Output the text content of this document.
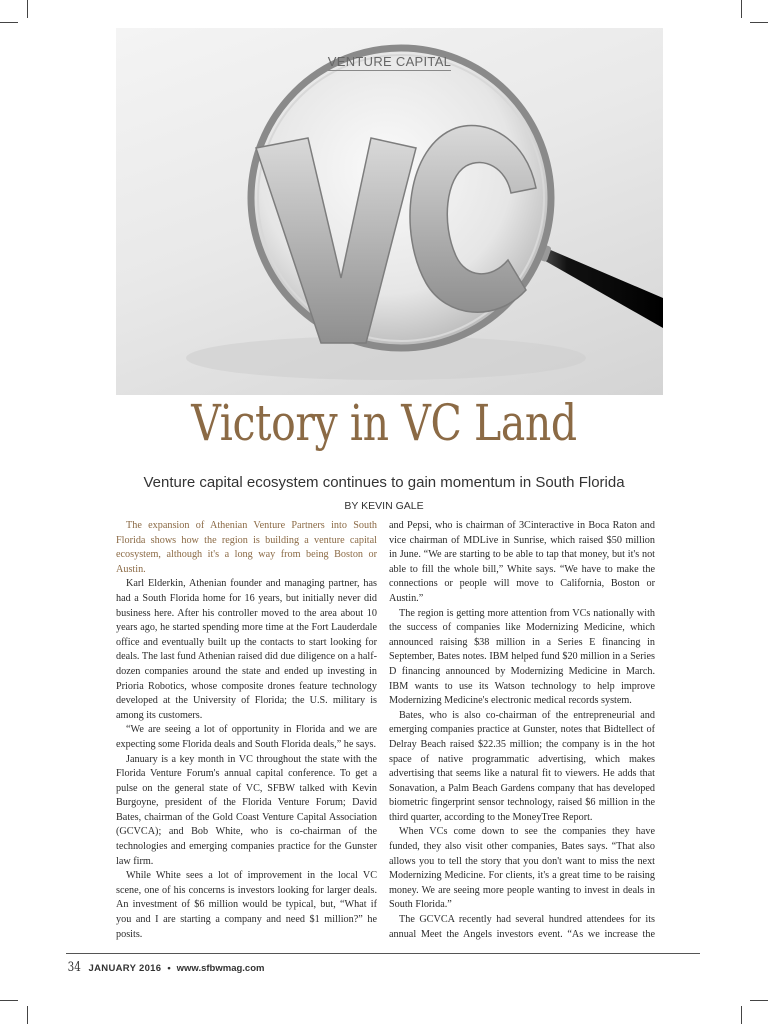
VENTURE CAPITAL
Victory in VC Land
Venture capital ecosystem continues to gain momentum in South Florida
BY KEVIN GALE

The expansion of Athenian Venture Partners into South Florida shows how the region is building a venture capital ecosystem, although it's a long way from being Boston or Austin.

Karl Elderkin, Athenian founder and managing partner, has had a South Florida home for 16 years, but initially never did business here. After his controller moved to the area about 10 years ago, he started spending more time at the Fort Lauderdale office and eventually built up the contacts to start looking for deals. The last fund Athenian raised did due diligence on a half-dozen companies around the state and ended up investing in Prioria Robotics, whose composite drones feature technology developed at the University of Florida; the U.S. military is among its customers.

“We are seeing a lot of opportunity in Florida and we are expecting some Florida deals and South Florida deals,” he says.

January is a key month in VC throughout the state with the Florida Venture Forum's annual capital conference. To get a pulse on the general state of VC, SFBW talked with Kevin Burgoyne, president of the Florida Venture Forum; David Bates, chairman of the Gold Coast Venture Capital Association (GCVCA); and Bob White, who is co-chairman of the technologies and emerging companies practice for the Gunster law firm.

While White sees a lot of improvement in the local VC scene, one of his concerns is investors looking for larger deals. An investment of $6 million would be typical, but, “What if you and I are starting a company and need $1 million?” he posits.

and Pepsi, who is chairman of 3Cinteractive in Boca Raton and vice chairman of MDLive in Sunrise, which raised $50 million in June. “We are starting to be able to tap that money, but it's not able to fill the whole bill,” White says. “We have to make the connections or people will move to California, Boston or Austin.”

The region is getting more attention from VCs nationally with the success of companies like Modernizing Medicine, which announced raising $38 million in a Series E financing in September, Bates notes. IBM helped fund $20 million in a Series D financing announced by Modernizing Medicine in March. IBM wants to use its Watson technology to help improve Modernizing Medicine's electronic medical records system.

Bates, who is also co-chairman of the entrepreneurial and emerging companies practice at Gunster, notes that Bidtellect of Delray Beach raised $22.35 million; the company is in the hot space of native programmatic advertising, which makes advertising that seems like a natural fit to viewers. He adds that Sonavation, a Palm Beach Gardens company that has developed biometric fingerprint sensor technology, raised $6 million in the third quarter, according to the MoneyTree Report.

When VCs come down to see the companies they have funded, they also visit other companies, Bates says. “That also allows you to tell the story that you don't want to miss the next Modernizing Medicine. For clients, it's a great time to be raising money. We are seeing more people wanting to invest in deals in South Florida.”

The GCVCA recently had several hundred attendees for its annual Meet the Angels investors event. “As we increase the

34 JANUARY 2016 • www.sfbwmag.com
